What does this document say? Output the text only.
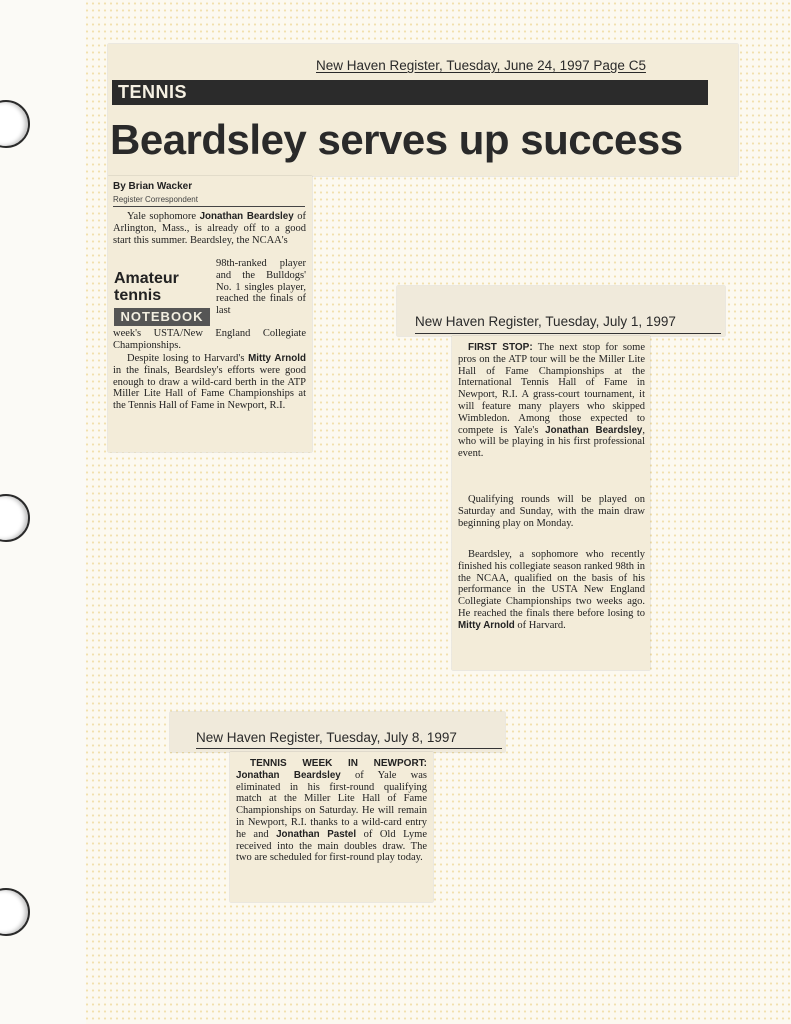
New Haven Register, Tuesday, June 24, 1997 Page C5
TENNIS
Beardsley serves up success
By Brian Wacker
Register Correspondent
Yale sophomore Jonathan Beardsley of Arlington, Mass., is already off to a good start this summer. Beardsley, the NCAA's
Amateur tennis
NOTEBOOK
98th-ranked player and the Bulldogs' No. 1 singles player, reached the finals of last
week's USTA/New England Collegiate Championships.
Despite losing to Harvard's Mitty Arnold in the finals, Beardsley's efforts were good enough to draw a wild-card berth in the ATP Miller Lite Hall of Fame Championships at the Tennis Hall of Fame in Newport, R.I.
New Haven Register, Tuesday, July 1, 1997
FIRST STOP: The next stop for some pros on the ATP tour will be the Miller Lite Hall of Fame Championships at the International Tennis Hall of Fame in Newport, R.I. A grass-court tournament, it will feature many players who skipped Wimbledon. Among those expected to compete is Yale's Jonathan Beardsley, who will be playing in his first professional event.
Qualifying rounds will be played on Saturday and Sunday, with the main draw beginning play on Monday.
Beardsley, a sophomore who recently finished his collegiate season ranked 98th in the NCAA, qualified on the basis of his performance in the USTA New England Collegiate Championships two weeks ago. He reached the finals there before losing to Mitty Arnold of Harvard.
New Haven Register, Tuesday, July 8, 1997
TENNIS WEEK IN NEWPORT: Jonathan Beardsley of Yale was eliminated in his first-round qualifying match at the Miller Lite Hall of Fame Championships on Saturday. He will remain in Newport, R.I. thanks to a wild-card entry he and Jonathan Pastel of Old Lyme received into the main doubles draw. The two are scheduled for first-round play today.
